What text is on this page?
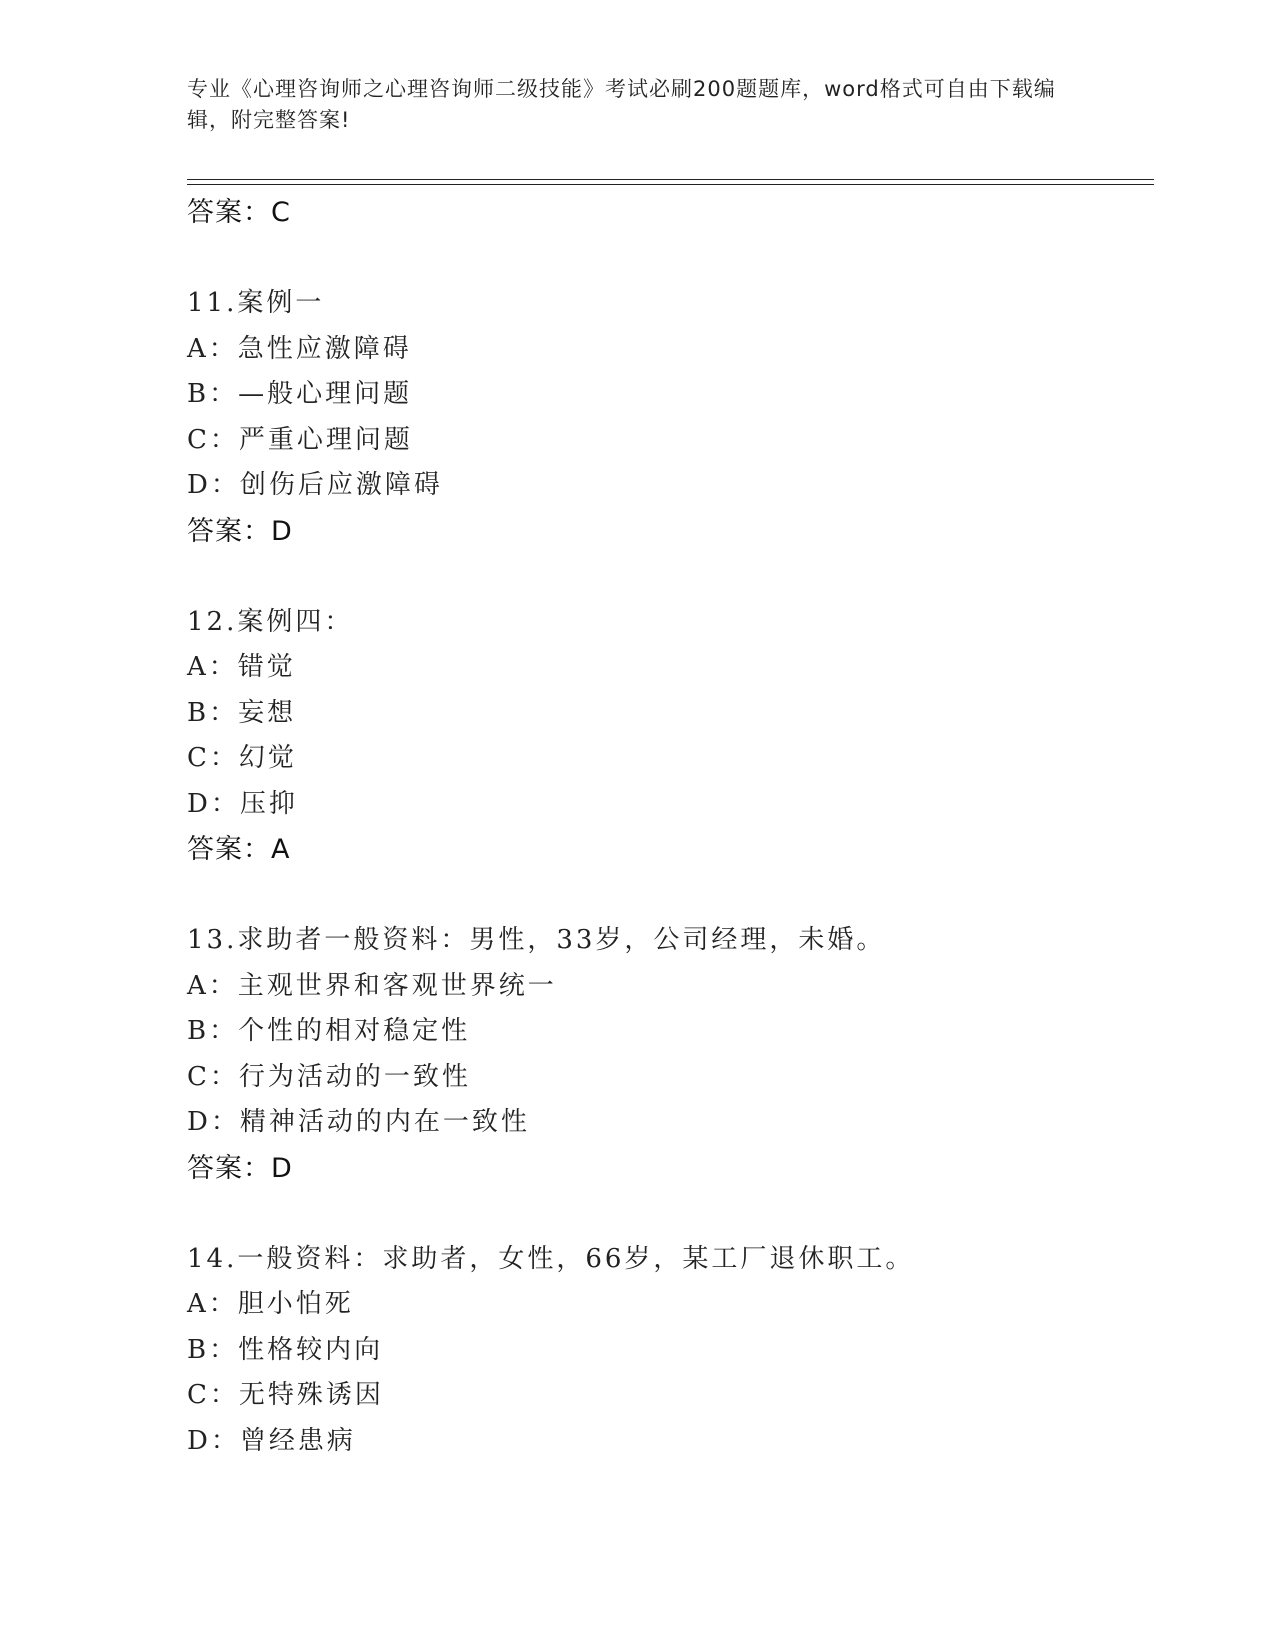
专业《心理咨询师之心理咨询师二级技能》考试必刷200题题库，word格式可自由下载编辑，附完整答案!
答案：C
11.案例一
A：急性应激障碍
B：—般心理问题
C：严重心理问题
D：创伤后应激障碍
答案：D
12.案例四：
A：错觉
B：妄想
C：幻觉
D：压抑
答案：A
13.求助者一般资料：男性，33岁，公司经理，未婚。
A：主观世界和客观世界统一
B：个性的相对稳定性
C：行为活动的一致性
D：精神活动的内在一致性
答案：D
14.一般资料：求助者，女性，66岁，某工厂退休职工。
A：胆小怕死
B：性格较内向
C：无特殊诱因
D：曾经患病
